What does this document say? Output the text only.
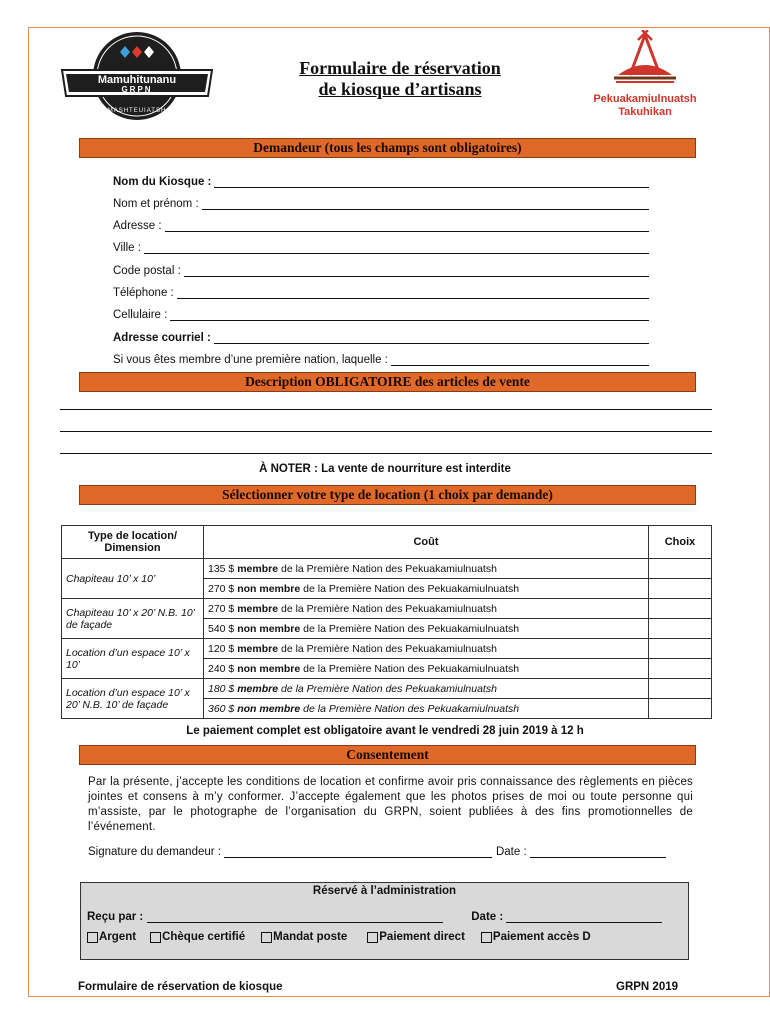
Mamuhitunanu
GRPN
MASHTEUIATSH
Formulaire de réservation
de kiosque d’artisans	Pekuakamiulnuatsh
Takuhikan
Demandeur (tous les champs sont obligatoires)
Nom du Kiosque :
Nom et prénom :
Adresse :
Ville :
Code postal :
Téléphone :
Cellulaire :
Adresse courriel :
Si vous êtes membre d’une première nation, laquelle :
Description OBLIGATOIRE des articles de vente
À NOTER : La vente de nourriture est interdite
Sélectionner votre type de location (1 choix par demande)
Type de location/ Dimension	Coût	Choix
Chapiteau 10’ x 10’	135 $ membre de la Première Nation des Pekuakamiulnuatsh	
	270 $ non membre de la Première Nation des Pekuakamiulnuatsh	
Chapiteau 10’ x 20’ N.B. 10’ de façade	270 $ membre de la Première Nation des Pekuakamiulnuatsh	
	540 $ non membre de la Première Nation des Pekuakamiulnuatsh	
Location d’un espace 10’ x 10’	120 $ membre de la Première Nation des Pekuakamiulnuatsh	
	240 $ non membre de la Première Nation des Pekuakamiulnuatsh	
Location d’un espace 10’ x 20’ N.B. 10’ de façade	180 $ membre de la Première Nation des Pekuakamiulnuatsh	
	360 $ non membre de la Première Nation des Pekuakamiulnuatsh	
Le paiement complet est obligatoire avant le vendredi 28 juin 2019 à 12 h
Consentement
Par la présente, j’accepte les conditions de location et confirme avoir pris connaissance des règlements en pièces jointes et consens à m’y conformer. J’accepte également que les photos prises de moi ou toute personne qui m’assiste, par le photographe de l’organisation du GRPN, soient publiées à des fins promotionnelles de l’événement.
Signature du demandeur :	Date :
Réservé à l’administration
Reçu par :	Date :
Argent Chèque certifié Mandat poste	Paiement direct Paiement accès D
Formulaire de réservation de kiosque	GRPN 2019
